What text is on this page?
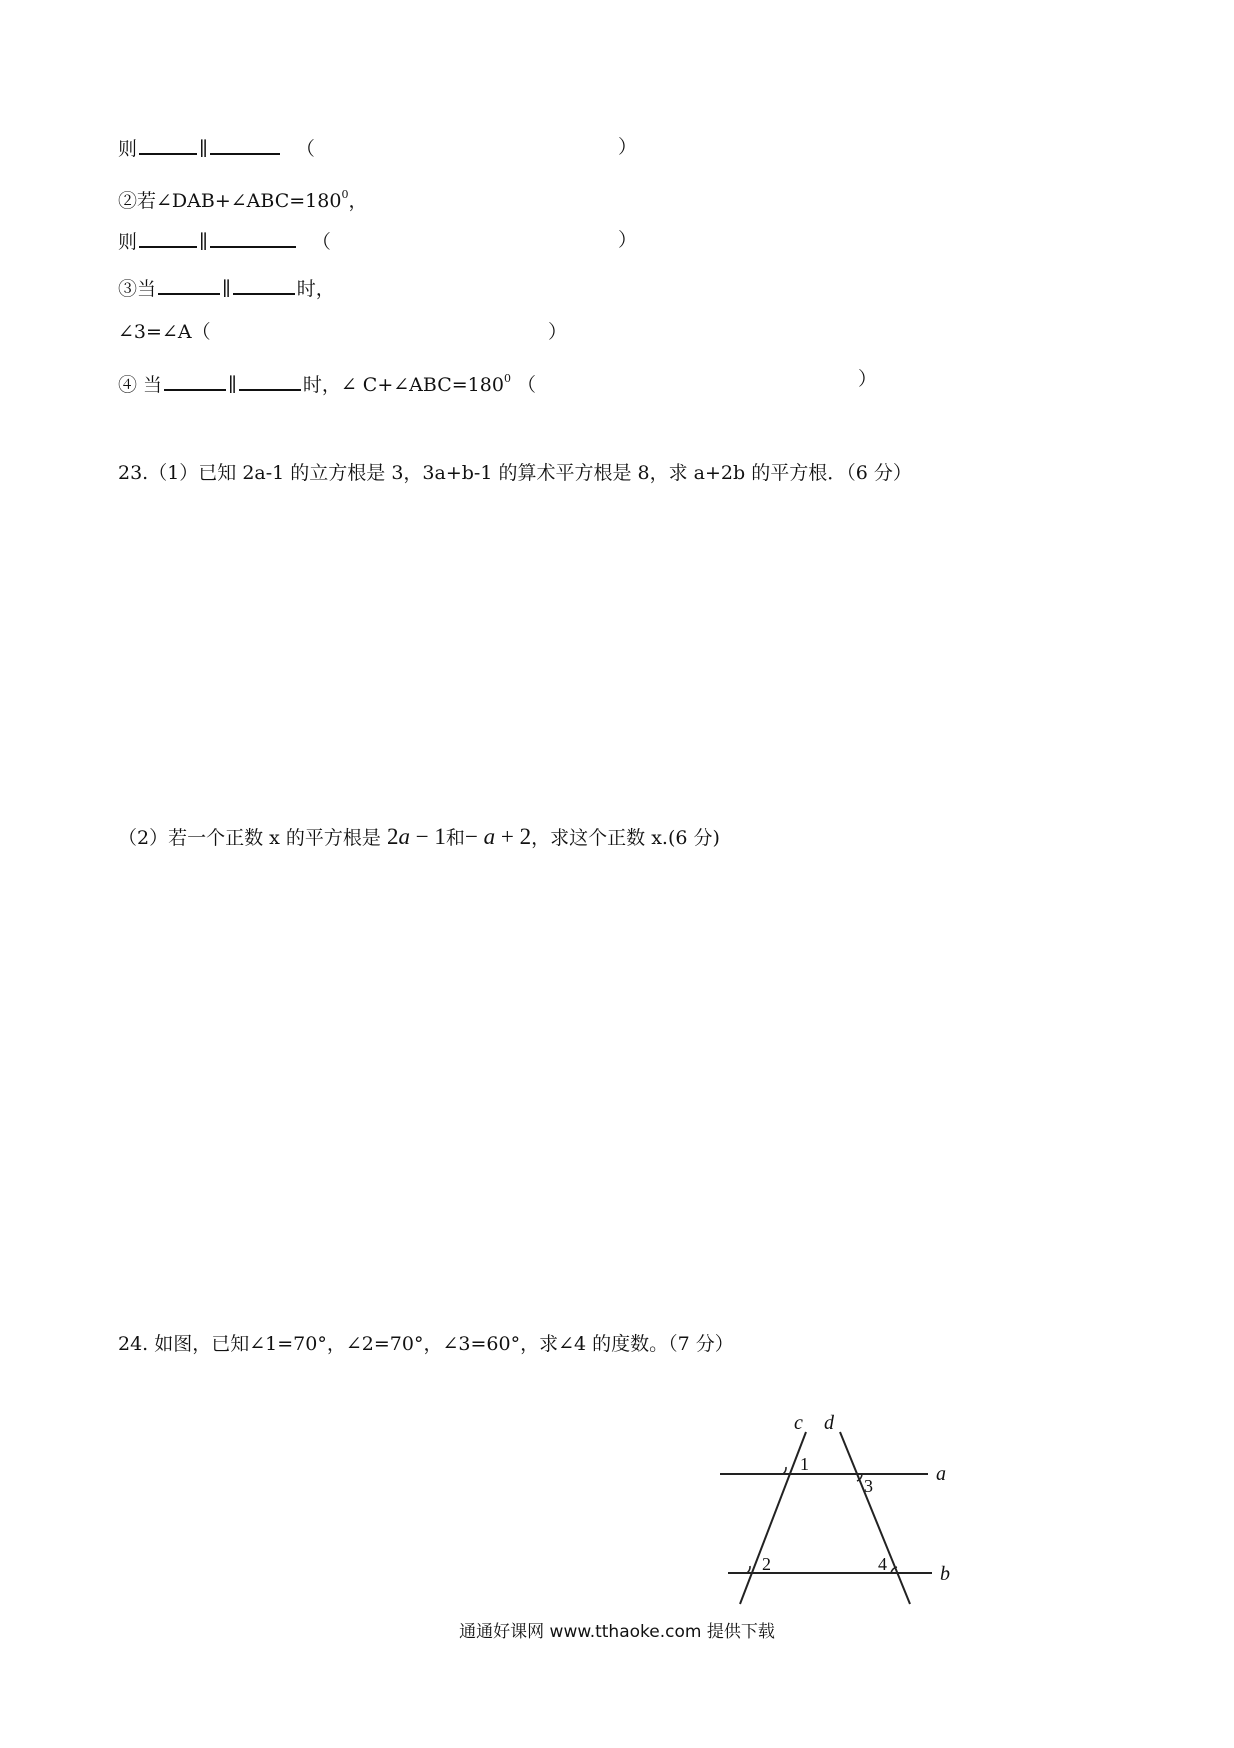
则	∥	（	）
②若$\angle DAB+\angle ABC=180^0$，
则	∥	（	）
③当	∥	时，
∠3=∠A（	）
④ 当	∥	时，∠ $C+\angle ABC=180^0$ （	）
23.（1）已知 2a-1 的立方根是 3，3a+b-1 的算术平方根是 8，求 a+2b 的平方根．（6 分）
（2）若一个正数 x 的平方根是 2a − 1和− a + 2，求这个正数 x.(6 分)
24. 如图，已知∠1=70°，∠2=70°，∠3=60°，求∠4 的度数。（7 分）
c d
a
b
1
2
3
4
通通好课网 www.tthaoke.com 提供下载
